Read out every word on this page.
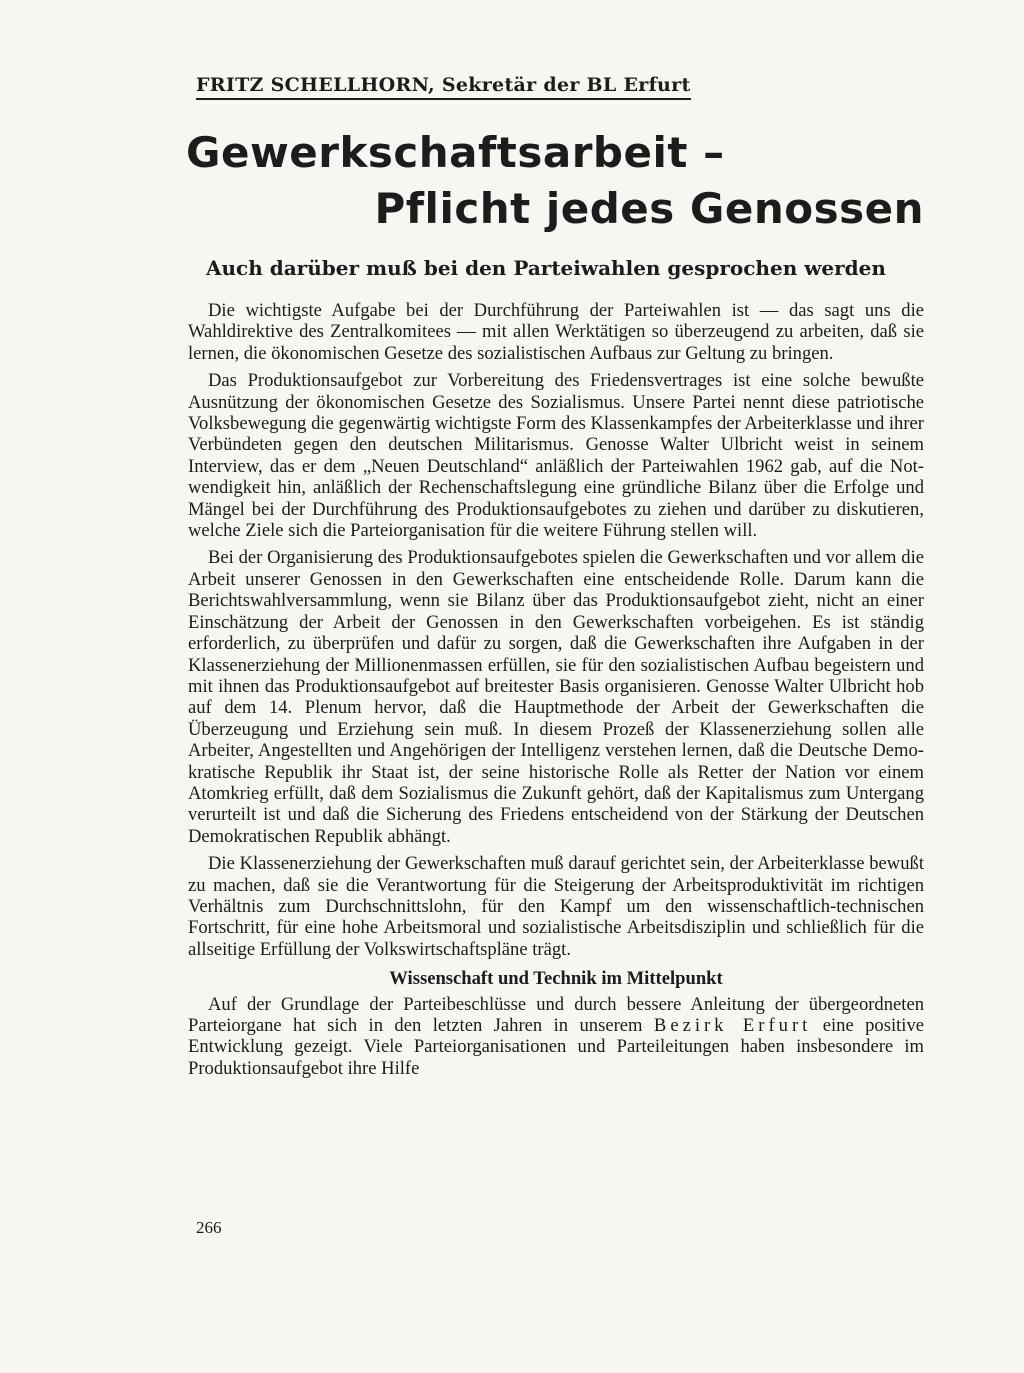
FRITZ SCHELLHORN, Sekretär der BL Erfurt
Gewerkschaftsarbeit –
Pflicht jedes Genossen
Auch darüber muß bei den Parteiwahlen gesprochen werden

Die wichtigste Aufgabe bei der Durchführung der Parteiwahlen ist — das sagt uns die Wahldirektive des Zentralkomitees — mit allen Werktätigen so überzeugend zu arbeiten, daß sie lernen, die ökonomischen Gesetze des sozialistischen Aufbaus zur Geltung zu bringen.

Das Produktionsaufgebot zur Vorbereitung des Friedensvertrages ist eine solche bewußte Ausnützung der ökonomischen Gesetze des Sozialismus. Unsere Partei nennt diese patriotische Volksbewegung die gegenwärtig wichtigste Form des Klassenkampfes der Arbeiterklasse und ihrer Verbündeten gegen den deutschen Militarismus. Genosse Walter Ulbricht weist in seinem Interview, das er dem „Neuen Deutschland“ anläßlich der Parteiwahlen 1962 gab, auf die Notwendigkeit hin, anläßlich der Rechenschaftslegung eine gründliche Bilanz über die Erfolge und Mängel bei der Durchführung des Produktionsaufgebotes zu ziehen und darüber zu diskutieren, welche Ziele sich die Parteiorganisation für die weitere Führung stellen will.

Bei der Organisierung des Produktionsaufgebotes spielen die Gewerkschaften und vor allem die Arbeit unserer Genossen in den Gewerkschaften eine entscheidende Rolle. Darum kann die Berichtswahlversammlung, wenn sie Bilanz über das Produktionsaufgebot zieht, nicht an einer Einschätzung der Arbeit der Genossen in den Gewerkschaften vorbeigehen. Es ist ständig erforderlich, zu überprüfen und dafür zu sorgen, daß die Gewerkschaften ihre Aufgaben in der Klassenerziehung der Millionenmassen erfüllen, sie für den sozialistischen Aufbau begeistern und mit ihnen das Produktionsaufgebot auf breitester Basis organisieren. Genosse Walter Ulbricht hob auf dem 14. Plenum hervor, daß die Hauptmethode der Arbeit der Gewerkschaften die Überzeugung und Erziehung sein muß. In diesem Prozeß der Klassenerziehung sollen alle Arbeiter, Angestellten und Angehörigen der Intelligenz verstehen lernen, daß die Deutsche Demokratische Republik ihr Staat ist, der seine historische Rolle als Retter der Nation vor einem Atomkrieg erfüllt, daß dem Sozialismus die Zukunft gehört, daß der Kapitalismus zum Untergang verurteilt ist und daß die Sicherung des Friedens entscheidend von der Stärkung der Deutschen Demokratischen Republik abhängt.

Die Klassenerziehung der Gewerkschaften muß darauf gerichtet sein, der Arbeiterklasse bewußt zu machen, daß sie die Verantwortung für die Steigerung der Arbeitsproduktivität im richtigen Verhältnis zum Durchschnittslohn, für den Kampf um den wissenschaftlich-technischen Fortschritt, für eine hohe Arbeitsmoral und sozialistische Arbeitsdisziplin und schließlich für die allseitige Erfüllung der Volkswirtschaftspläne trägt.

Wissenschaft und Technik im Mittelpunkt

Auf der Grundlage der Parteibeschlüsse und durch bessere Anleitung der übergeordneten Parteiorgane hat sich in den letzten Jahren in unserem Bezirk Erfurt eine positive Entwicklung gezeigt. Viele Parteiorganisationen und Parteileitungen haben insbesondere im Produktionsaufgebot ihre Hilfe

266
